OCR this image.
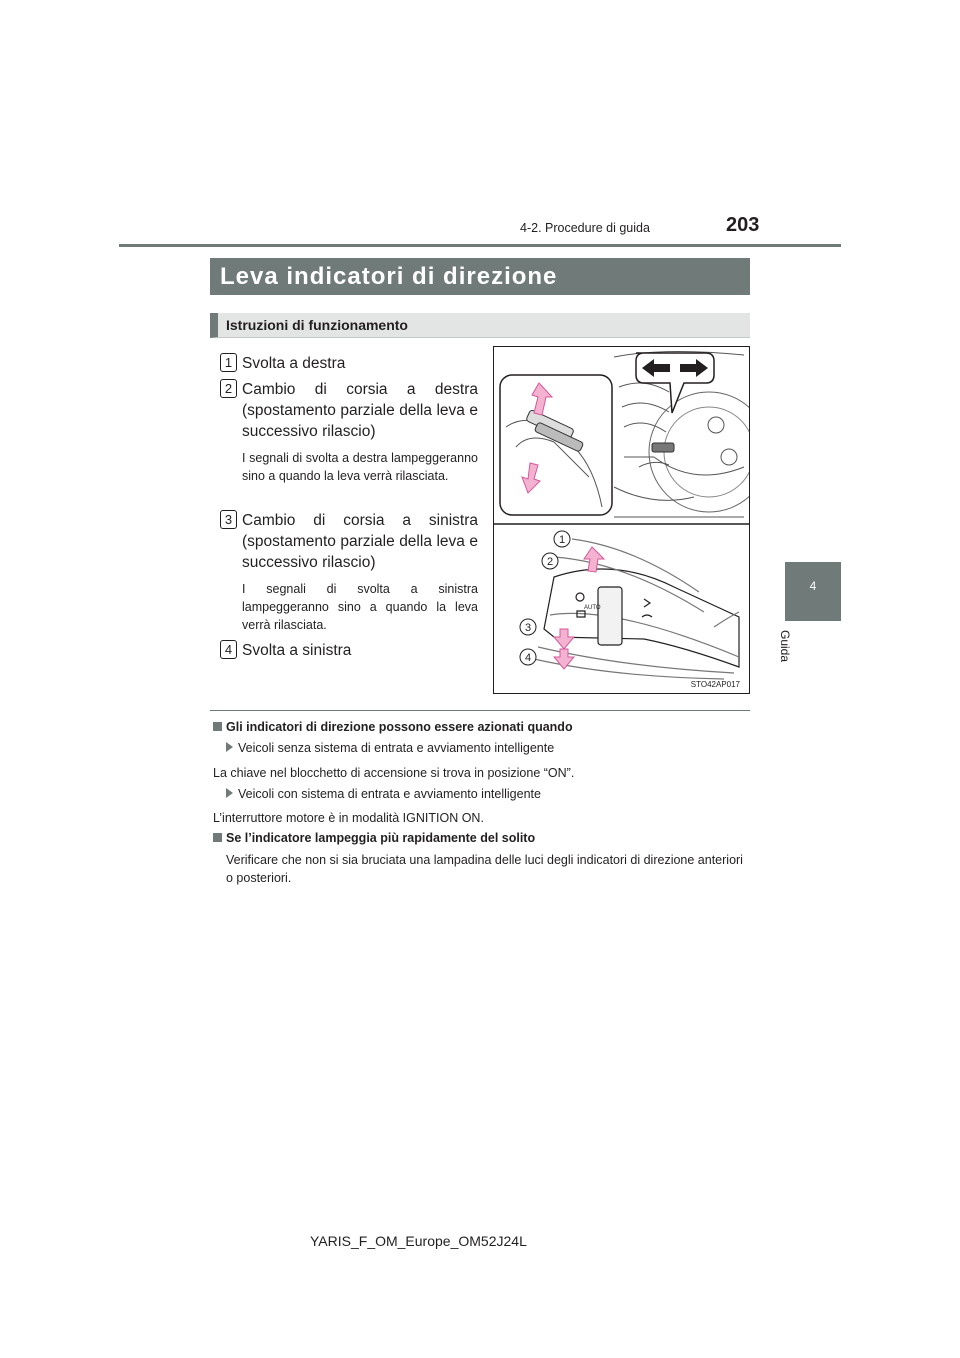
4-2. Procedure di guida	203
Leva indicatori di direzione
Istruzioni di funzionamento
1 Svolta a destra
2 Cambio di corsia a destra (spostamento parziale della leva e successivo rilascio)
I segnali di svolta a destra lampeggeranno sino a quando la leva verrà rilasciata.
3 Cambio di corsia a sinistra (spostamento parziale della leva e successivo rilascio)
I segnali di svolta a sinistra lampeggeranno sino a quando la leva verrà rilasciata.
4 Svolta a sinistra
AUTO
1
2
3
4
STO42AP017
Gli indicatori di direzione possono essere azionati quando
Veicoli senza sistema di entrata e avviamento intelligente
La chiave nel blocchetto di accensione si trova in posizione “ON”.
Veicoli con sistema di entrata e avviamento intelligente
L’interruttore motore è in modalità IGNITION ON.
Se l’indicatore lampeggia più rapidamente del solito
Verificare che non si sia bruciata una lampadina delle luci degli indicatori di direzione anteriori o posteriori.
4
Guida
YARIS_F_OM_Europe_OM52J24L
